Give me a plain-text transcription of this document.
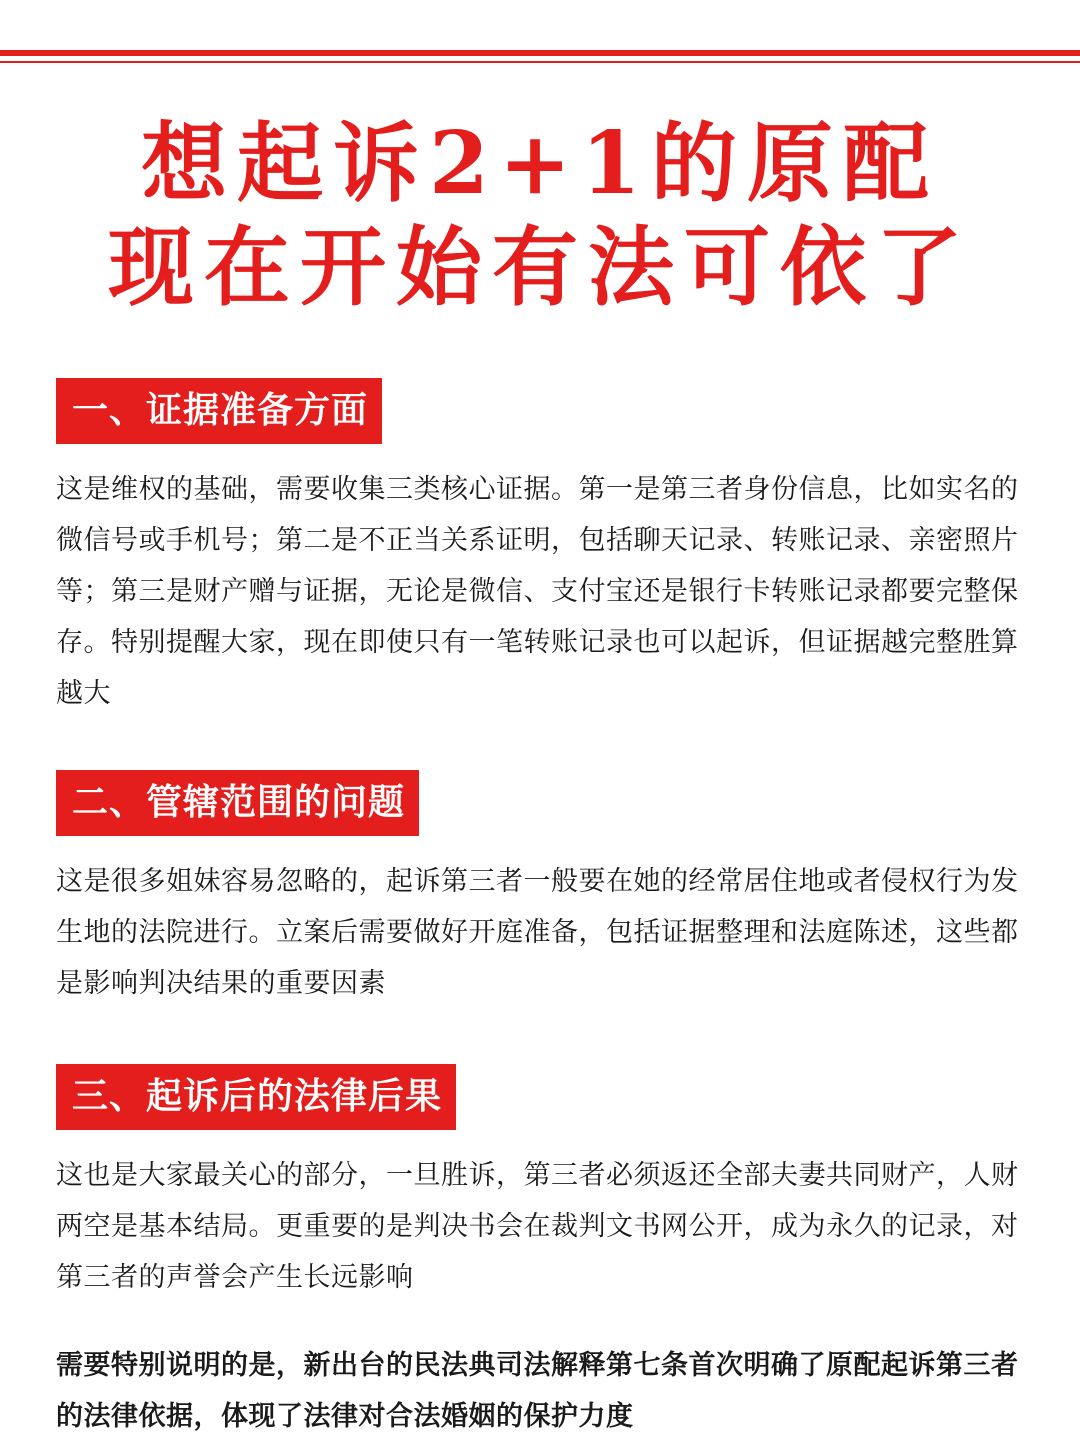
想起诉2+1的原配
现在开始有法可依了
一、证据准备方面
这是维权的基础，需要收集三类核心证据。第一是第三者身份信息，比如实名的微信号或手机号；第二是不正当关系证明，包括聊天记录、转账记录、亲密照片等；第三是财产赠与证据，无论是微信、支付宝还是银行卡转账记录都要完整保存。特别提醒大家，现在即使只有一笔转账记录也可以起诉，但证据越完整胜算越大
二、管辖范围的问题
这是很多姐妹容易忽略的，起诉第三者一般要在她的经常居住地或者侵权行为发生地的法院进行。立案后需要做好开庭准备，包括证据整理和法庭陈述，这些都是影响判决结果的重要因素
三、起诉后的法律后果
这也是大家最关心的部分，一旦胜诉，第三者必须返还全部夫妻共同财产，人财两空是基本结局。更重要的是判决书会在裁判文书网公开，成为永久的记录，对第三者的声誉会产生长远影响
需要特别说明的是，新出台的民法典司法解释第七条首次明确了原配起诉第三者的法律依据，体现了法律对合法婚姻的保护力度
